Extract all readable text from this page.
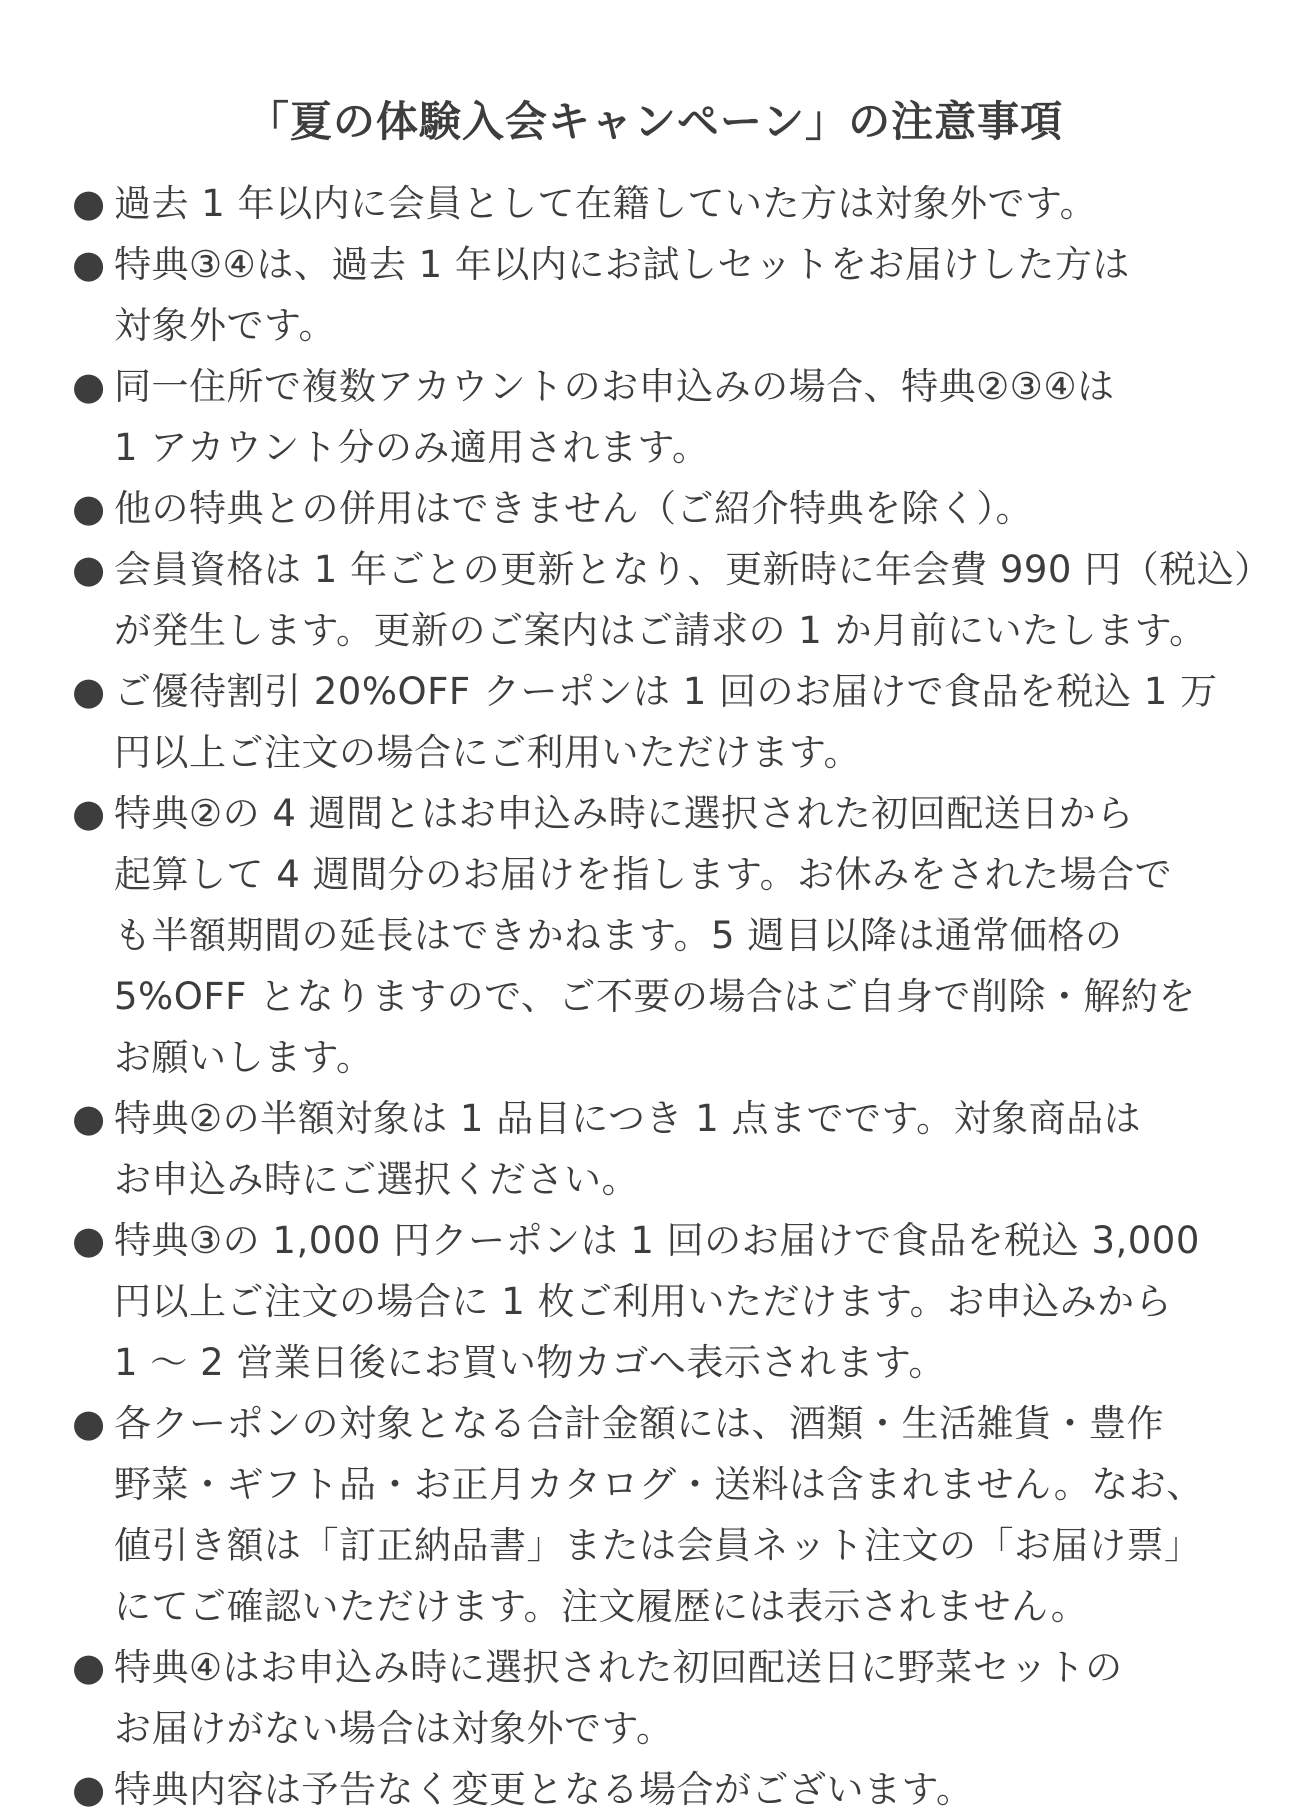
「夏の体験入会キャンペーン」の注意事項
● 過去 1 年以内に会員として在籍していた方は対象外です。
● 特典③④は、過去 1 年以内にお試しセットをお届けした方は
対象外です。
● 同一住所で複数アカウントのお申込みの場合、特典②③④は
1 アカウント分のみ適用されます。
● 他の特典との併用はできません（ご紹介特典を除く）。
● 会員資格は 1 年ごとの更新となり、更新時に年会費 990 円（税込）
が発生します。更新のご案内はご請求の 1 か月前にいたします。
● ご優待割引 20%OFF クーポンは 1 回のお届けで食品を税込 1 万
円以上ご注文の場合にご利用いただけます。
● 特典②の 4 週間とはお申込み時に選択された初回配送日から
起算して 4 週間分のお届けを指します。お休みをされた場合で
も半額期間の延長はできかねます。5 週目以降は通常価格の
5%OFF となりますので、ご不要の場合はご自身で削除・解約を
お願いします。
● 特典②の半額対象は 1 品目につき 1 点までです。対象商品は
お申込み時にご選択ください。
● 特典③の 1,000 円クーポンは 1 回のお届けで食品を税込 3,000
円以上ご注文の場合に 1 枚ご利用いただけます。お申込みから
1 ～ 2 営業日後にお買い物カゴへ表示されます。
● 各クーポンの対象となる合計金額には、酒類・生活雑貨・豊作
野菜・ギフト品・お正月カタログ・送料は含まれません。なお、
値引き額は「訂正納品書」または会員ネット注文の「お届け票」
にてご確認いただけます。注文履歴には表示されません。
● 特典④はお申込み時に選択された初回配送日に野菜セットの
お届けがない場合は対象外です。
● 特典内容は予告なく変更となる場合がございます。
